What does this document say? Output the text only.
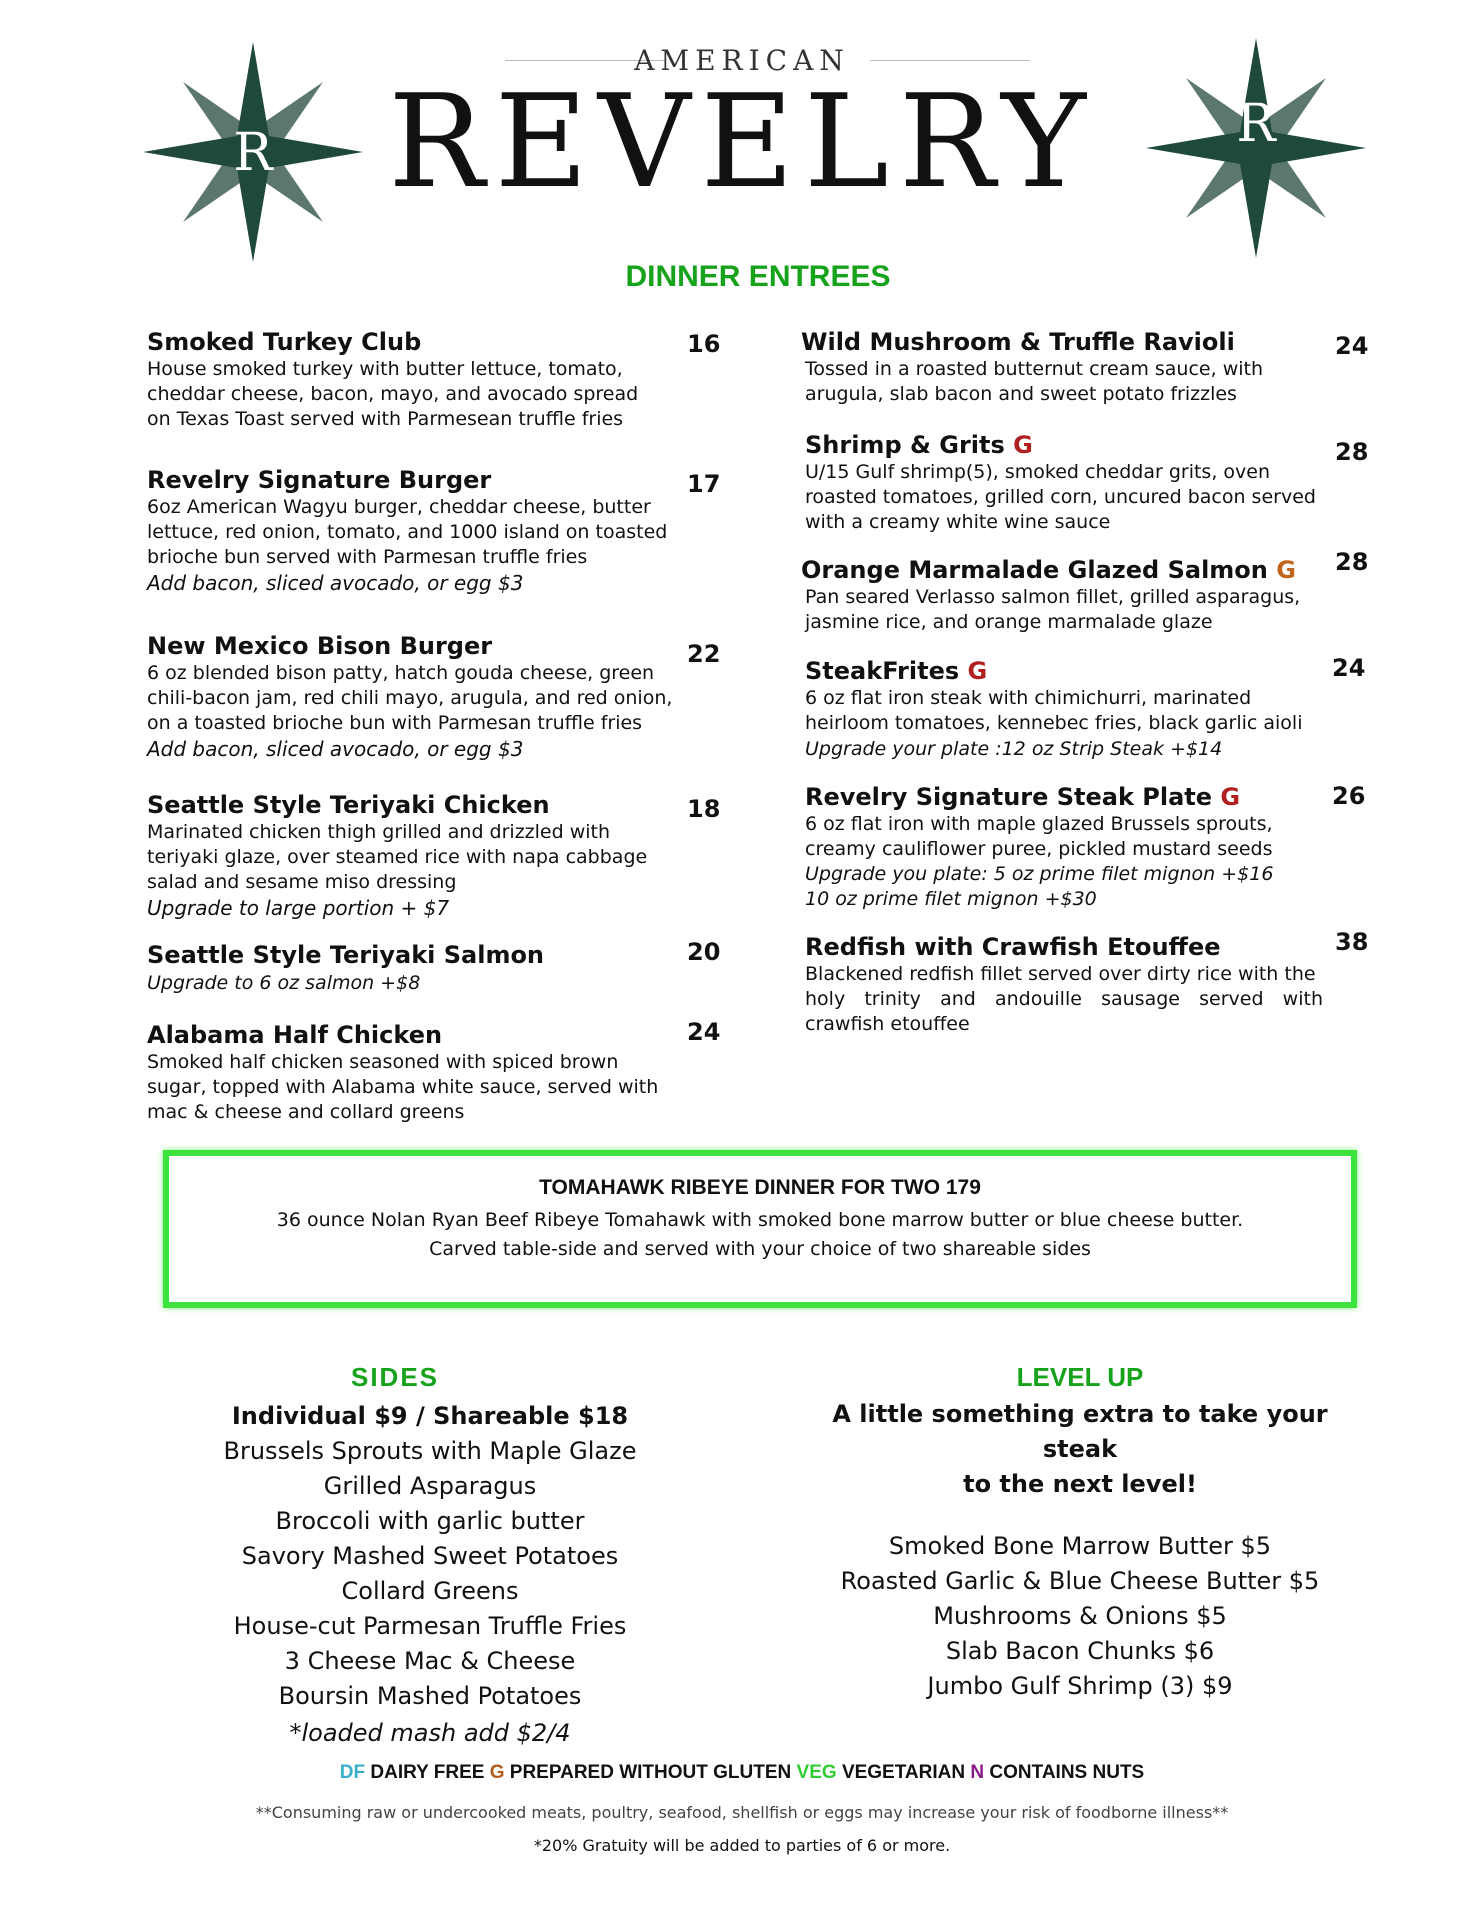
AMERICAN
REVELRY
R	R
DINNER ENTREES
Smoked Turkey Club
House smoked turkey with butter lettuce, tomato,
cheddar cheese, bacon, mayo, and avocado spread
on Texas Toast served with Parmesean truffle fries
16
Revelry Signature Burger
6oz American Wagyu burger, cheddar cheese, butter
lettuce, red onion, tomato, and 1000 island on toasted
brioche bun served with Parmesan truffle fries
Add bacon, sliced avocado, or egg $3
17
New Mexico Bison Burger
6 oz blended bison patty, hatch gouda cheese, green
chili-bacon jam, red chili mayo, arugula, and red onion,
on a toasted brioche bun with Parmesan truffle fries
Add bacon, sliced avocado, or egg $3
22
Seattle Style Teriyaki Chicken
Marinated chicken thigh grilled and drizzled with
teriyaki glaze, over steamed rice with napa cabbage
salad and sesame miso dressing
Upgrade to large portion + $7
18
Seattle Style Teriyaki Salmon
Upgrade to 6 oz salmon +$8
20
Alabama Half Chicken
Smoked half chicken seasoned with spiced brown
sugar, topped with Alabama white sauce, served with
mac & cheese and collard greens
24
Wild Mushroom & Truffle Ravioli
Tossed in a roasted butternut cream sauce, with
arugula, slab bacon and sweet potato frizzles
24
Shrimp & Grits G
U/15 Gulf shrimp(5), smoked cheddar grits, oven
roasted tomatoes, grilled corn, uncured bacon served
with a creamy white wine sauce
28
Orange Marmalade Glazed Salmon G
Pan seared Verlasso salmon fillet, grilled asparagus,
jasmine rice, and orange marmalade glaze
28
SteakFrites G
6 oz flat iron steak with chimichurri, marinated
heirloom tomatoes, kennebec fries, black garlic aioli
Upgrade your plate :12 oz Strip Steak +$14
24
Revelry Signature Steak Plate G
6 oz flat iron with maple glazed Brussels sprouts,
creamy cauliflower puree, pickled mustard seeds
Upgrade you plate: 5 oz prime filet mignon +$16
10 oz prime filet mignon +$30
26
Redfish with Crawfish Etouffee
Blackened redfish fillet served over dirty rice with the
holy trinity and andouille sausage served with
crawfish etouffee
38
TOMAHAWK RIBEYE DINNER FOR TWO 179
36 ounce Nolan Ryan Beef Ribeye Tomahawk with smoked bone marrow butter or blue cheese butter.
Carved table-side and served with your choice of two shareable sides
SIDES
Individual $9 / Shareable $18
Brussels Sprouts with Maple Glaze
Grilled Asparagus
Broccoli with garlic butter
Savory Mashed Sweet Potatoes
Collard Greens
House-cut Parmesan Truffle Fries
3 Cheese Mac & Cheese
Boursin Mashed Potatoes
*loaded mash add $2/4
LEVEL UP
A little something extra to take your steak
to the next level!
Smoked Bone Marrow Butter $5
Roasted Garlic & Blue Cheese Butter $5
Mushrooms & Onions $5
Slab Bacon Chunks $6
Jumbo Gulf Shrimp (3) $9
DF DAIRY FREE G PREPARED WITHOUT GLUTEN VEG VEGETARIAN N CONTAINS NUTS
**Consuming raw or undercooked meats, poultry, seafood, shellfish or eggs may increase your risk of foodborne illness**
*20% Gratuity will be added to parties of 6 or more.
